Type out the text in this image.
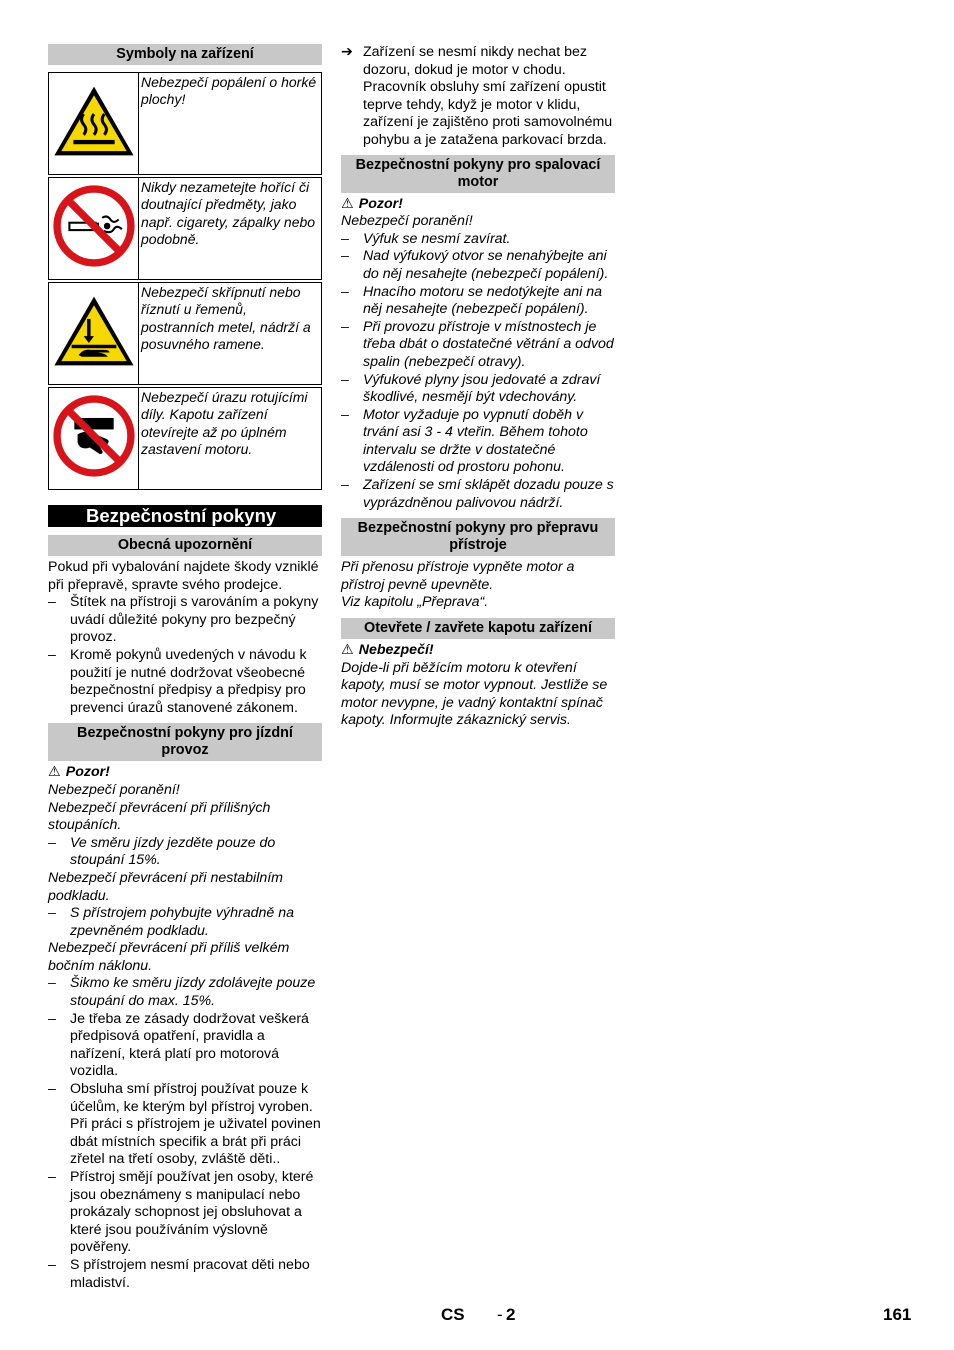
Symboly na zařízení
	Nebezpečí popálení o horké plochy!

	Nikdy nezametejte hořící či doutnající předměty, jako např. cigarety, zápalky nebo podobně.

	Nebezpečí skřípnutí nebo říznutí u řemenů, postranních metel, nádrží a posuvného ramene.

	Nebezpečí úrazu rotujícími díly. Kapotu zařízení otevírejte až po úplném zastavení motoru.
Bezpečnostní pokyny
Obecná upozornění

Pokud při vybalování najdete škody vzniklé při přepravě, spravte svého prodejce.

– Štítek na přístroji s varováním a pokyny uvádí důležité pokyny pro bezpečný provoz.
– Kromě pokynů uvedených v návodu k použití je nutné dodržovat všeobecné bezpečnostní předpisy a předpisy pro prevenci úrazů stanovené zákonem.
Bezpečnostní pokyny pro jízdní provoz
⚠ Pozor!

Nebezpečí poranění!

Nebezpečí převrácení při přílišných stoupáních.

– Ve směru jízdy jezděte pouze do stoupání 15%.

Nebezpečí převrácení při nestabilním podkladu.

– S přístrojem pohybujte výhradně na zpevněném podkladu.

Nebezpečí převrácení při příliš velkém bočním náklonu.

– Šikmo ke směru jízdy zdolávejte pouze stoupání do max. 15%.
– Je třeba ze zásady dodržovat veškerá předpisová opatření, pravidla a nařízení, která platí pro motorová vozidla.
– Obsluha smí přístroj používat pouze k účelům, ke kterým byl přístroj vyroben. Při práci s přístrojem je uživatel povinen dbát místních specifik a brát při práci zřetel na třetí osoby, zvláště děti..
– Přístroj smějí používat jen osoby, které jsou obeznámeny s manipulací nebo prokázaly schopnost jej obsluhovat a které jsou používáním výslovně pověřeny.
– S přístrojem nesmí pracovat děti nebo mladiství.
➔ Zařízení se nesmí nikdy nechat bez dozoru, dokud je motor v chodu. Pracovník obsluhy smí zařízení opustit teprve tehdy, když je motor v klidu, zařízení je zajištěno proti samovolnému pohybu a je zatažena parkovací brzda.
Bezpečnostní pokyny pro spalovací motor
⚠ Pozor!

Nebezpečí poranění!

– Výfuk se nesmí zavírat.
– Nad výfukový otvor se nenahýbejte ani do něj nesahejte (nebezpečí popálení).
– Hnacího motoru se nedotýkejte ani na něj nesahejte (nebezpečí popálení).
– Při provozu přístroje v místnostech je třeba dbát o dostatečné větrání a odvod spalin (nebezpečí otravy).
– Výfukové plyny jsou jedovaté a zdraví škodlivé, nesmějí být vdechovány.
– Motor vyžaduje po vypnutí doběh v trvání asi 3 - 4 vteřin. Během tohoto intervalu se držte v dostatečné vzdálenosti od prostoru pohonu.
– Zařízení se smí sklápět dozadu pouze s vyprázdněnou palivovou nádrží.
Bezpečnostní pokyny pro přepravu přístroje

Při přenosu přístroje vypněte motor a přístroj pevně upevněte.

Viz kapitolu „Přeprava“.

Otevřete / zavřete kapotu zařízení
⚠ Nebezpečí!

Dojde-li při běžícím motoru k otevření kapoty, musí se motor vypnout. Jestliže se motor nevypne, je vadný kontaktní spínač kapoty. Informujte zákaznický servis.

CS - 2	161
